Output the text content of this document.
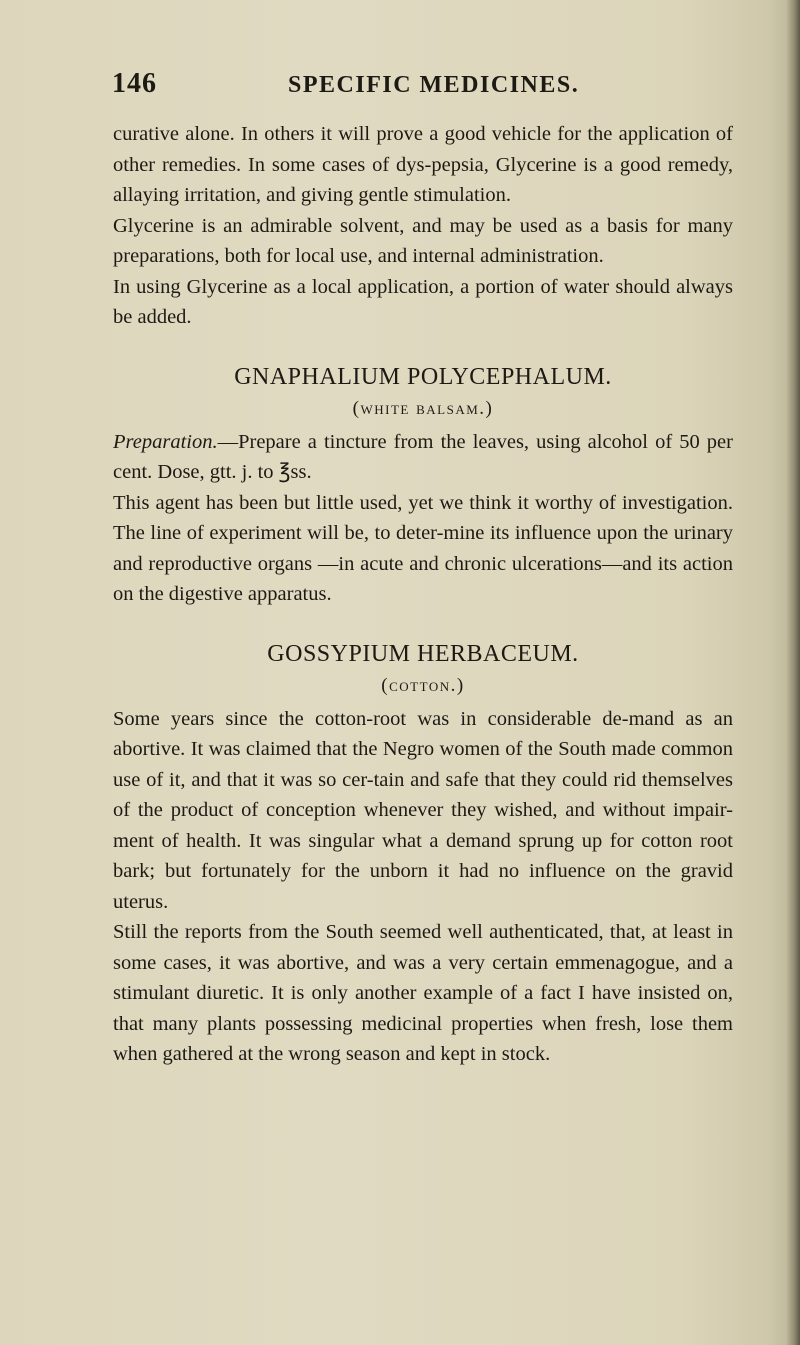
146	SPECIFIC MEDICINES.

curative alone. In others it will prove a good vehicle for the application of other remedies. In some cases of dys-pepsia, Glycerine is a good remedy, allaying irritation, and giving gentle stimulation.

Glycerine is an admirable solvent, and may be used as a basis for many preparations, both for local use, and internal administration.

In using Glycerine as a local application, a portion of water should always be added.

GNAPHALIUM POLYCEPHALUM.
(white balsam.)

Preparation.—Prepare a tincture from the leaves, using alcohol of 50 per cent. Dose, gtt. j. to ℥ss.

This agent has been but little used, yet we think it worthy of investigation. The line of experiment will be, to deter-mine its influence upon the urinary and reproductive organs —in acute and chronic ulcerations—and its action on the digestive apparatus.

GOSSYPIUM HERBACEUM.
(cotton.)

Some years since the cotton-root was in considerable de-mand as an abortive. It was claimed that the Negro women of the South made common use of it, and that it was so cer-tain and safe that they could rid themselves of the product of conception whenever they wished, and without impair-ment of health. It was singular what a demand sprung up for cotton root bark; but fortunately for the unborn it had no influence on the gravid uterus.

Still the reports from the South seemed well authenticated, that, at least in some cases, it was abortive, and was a very certain emmenagogue, and a stimulant diuretic. It is only another example of a fact I have insisted on, that many plants possessing medicinal properties when fresh, lose them when gathered at the wrong season and kept in stock.
